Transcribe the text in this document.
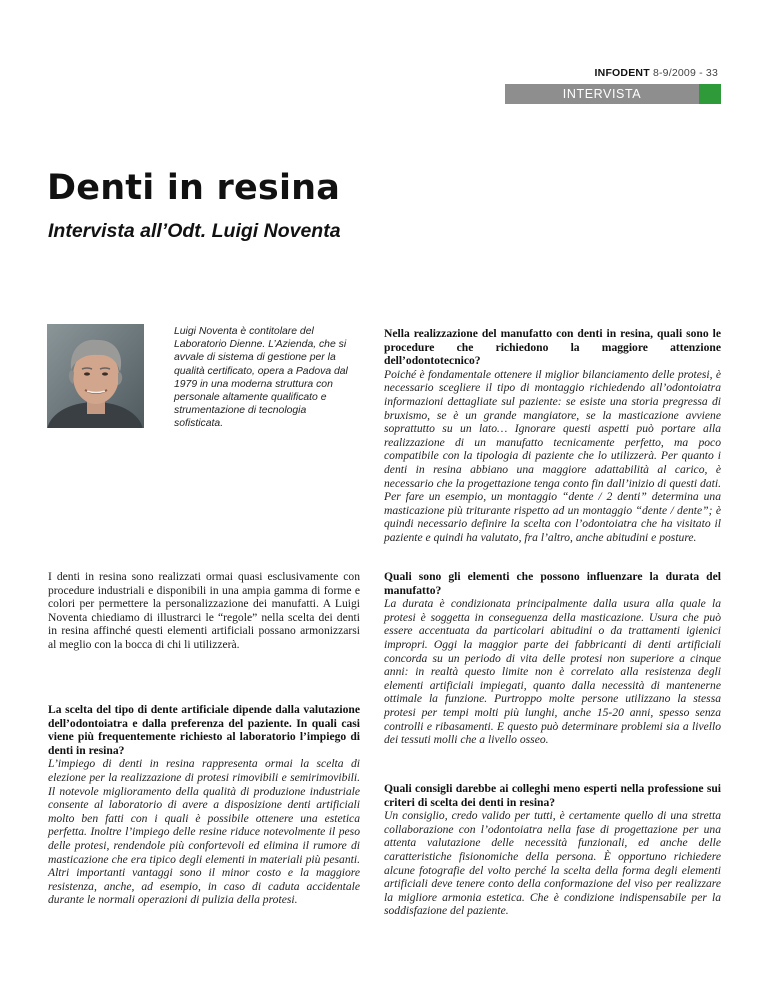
INFODENT 8-9/2009 - 33
INTERVISTA
Denti in resina
Intervista all’Odt. Luigi Noventa
Luigi Noventa è contitolare del Laboratorio Dienne. L’Azienda, che si avvale di sistema di gestione per la qualità certificato, opera a Padova dal 1979 in una moderna struttura con personale altamente qualificato e strumentazione di tecnologia sofisticata.

I denti in resina sono realizzati ormai quasi esclusivamente con procedure industriali e disponibili in una ampia gamma di forme e colori per permettere la personalizzazione dei manufatti. A Luigi Noventa chiediamo di illustrarci le “regole” nella scelta dei denti in resina affinché questi elementi artificiali possano armonizzarsi al meglio con la bocca di chi li utilizzerà.

La scelta del tipo di dente artificiale dipende dalla valutazione dell’odontoiatra e dalla preferenza del paziente. In quali casi viene più frequentemente richiesto al laboratorio l’impiego di denti in resina?

L’impiego di denti in resina rappresenta ormai la scelta di elezione per la realizzazione di protesi rimovibili e semirimovibili. Il notevole miglioramento della qualità di produzione industriale consente al laboratorio di avere a disposizione denti artificiali molto ben fatti con i quali è possibile ottenere una estetica perfetta. Inoltre l’impiego delle resine riduce notevolmente il peso delle protesi, rendendole più confortevoli ed elimina il rumore di masticazione che era tipico degli elementi in materiali più pesanti. Altri importanti vantaggi sono il minor costo e la maggiore resistenza, anche, ad esempio, in caso di caduta accidentale durante le normali operazioni di pulizia della protesi.

Nella realizzazione del manufatto con denti in resina, quali sono le procedure che richiedono la maggiore attenzione dell’odontotecnico?

Poiché è fondamentale ottenere il miglior bilanciamento delle protesi, è necessario scegliere il tipo di montaggio richiedendo all’odontoiatra informazioni dettagliate sul paziente: se esiste una storia pregressa di bruxismo, se è un grande mangiatore, se la masticazione avviene soprattutto su un lato… Ignorare questi aspetti può portare alla realizzazione di un manufatto tecnicamente perfetto, ma poco compatibile con la tipologia di paziente che lo utilizzerà. Per quanto i denti in resina abbiano una maggiore adattabilità al carico, è necessario che la progettazione tenga conto fin dall’inizio di questi dati. Per fare un esempio, un montaggio “dente / 2 denti” determina una masticazione più triturante rispetto ad un montaggio “dente / dente”; è quindi necessario definire la scelta con l’odontoiatra che ha visitato il paziente e quindi ha valutato, fra l’altro, anche abitudini e posture.

Quali sono gli elementi che possono influenzare la durata del manufatto?

La durata è condizionata principalmente dalla usura alla quale la protesi è soggetta in conseguenza della masticazione. Usura che può essere accentuata da particolari abitudini o da trattamenti igienici impropri. Oggi la maggior parte dei fabbricanti di denti artificiali concorda su un periodo di vita delle protesi non superiore a cinque anni: in realtà questo limite non è correlato alla resistenza degli elementi artificiali impiegati, quanto dalla necessità di mantenerne ottimale la funzione. Purtroppo molte persone utilizzano la stessa protesi per tempi molti più lunghi, anche 15-20 anni, spesso senza controlli e ribasamenti. E questo può determinare problemi sia a livello dei tessuti molli che a livello osseo.

Quali consigli darebbe ai colleghi meno esperti nella professione sui criteri di scelta dei denti in resina?

Un consiglio, credo valido per tutti, è certamente quello di una stretta collaborazione con l’odontoiatra nella fase di progettazione per una attenta valutazione delle necessità funzionali, ed anche delle caratteristiche fisionomiche della persona. È opportuno richiedere alcune fotografie del volto perché la scelta della forma degli elementi artificiali deve tenere conto della conformazione del viso per realizzare la migliore armonia estetica. Che è condizione indispensabile per la soddisfazione del paziente.
